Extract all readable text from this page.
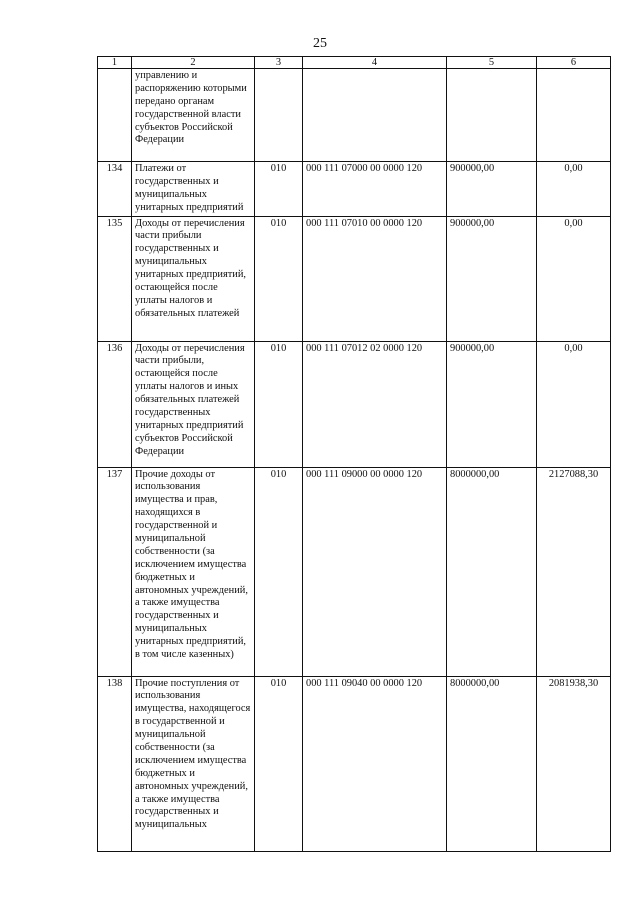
25
1	2	3	4	5	6
	управлению и распоряжению которыми передано органам государственной власти субъектов Российской Федерации				
134	Платежи от государственных и муниципальных унитарных предприятий	010	000 111 07000 00 0000 120	900000,00	0,00
135	Доходы от перечисления части прибыли государственных и муниципальных унитарных предприятий, остающейся после уплаты налогов и обязательных платежей	010	000 111 07010 00 0000 120	900000,00	0,00
136	Доходы от перечисления части прибыли, остающейся после уплаты налогов и иных обязательных платежей государственных унитарных предприятий субъектов Российской Федерации	010	000 111 07012 02 0000 120	900000,00	0,00
137	Прочие доходы от использования имущества и прав, находящихся в государственной и муниципальной собственности (за исключением имущества бюджетных и автономных учреждений, а также имущества государственных и муниципальных унитарных предприятий, в том числе казенных)	010	000 111 09000 00 0000 120	8000000,00	2127088,30
138	Прочие поступления от использования имущества, находящегося в государственной и муниципальной собственности (за исключением имущества бюджетных и автономных учреждений, а также имущества государственных и муниципальных	010	000 111 09040 00 0000 120	8000000,00	2081938,30
